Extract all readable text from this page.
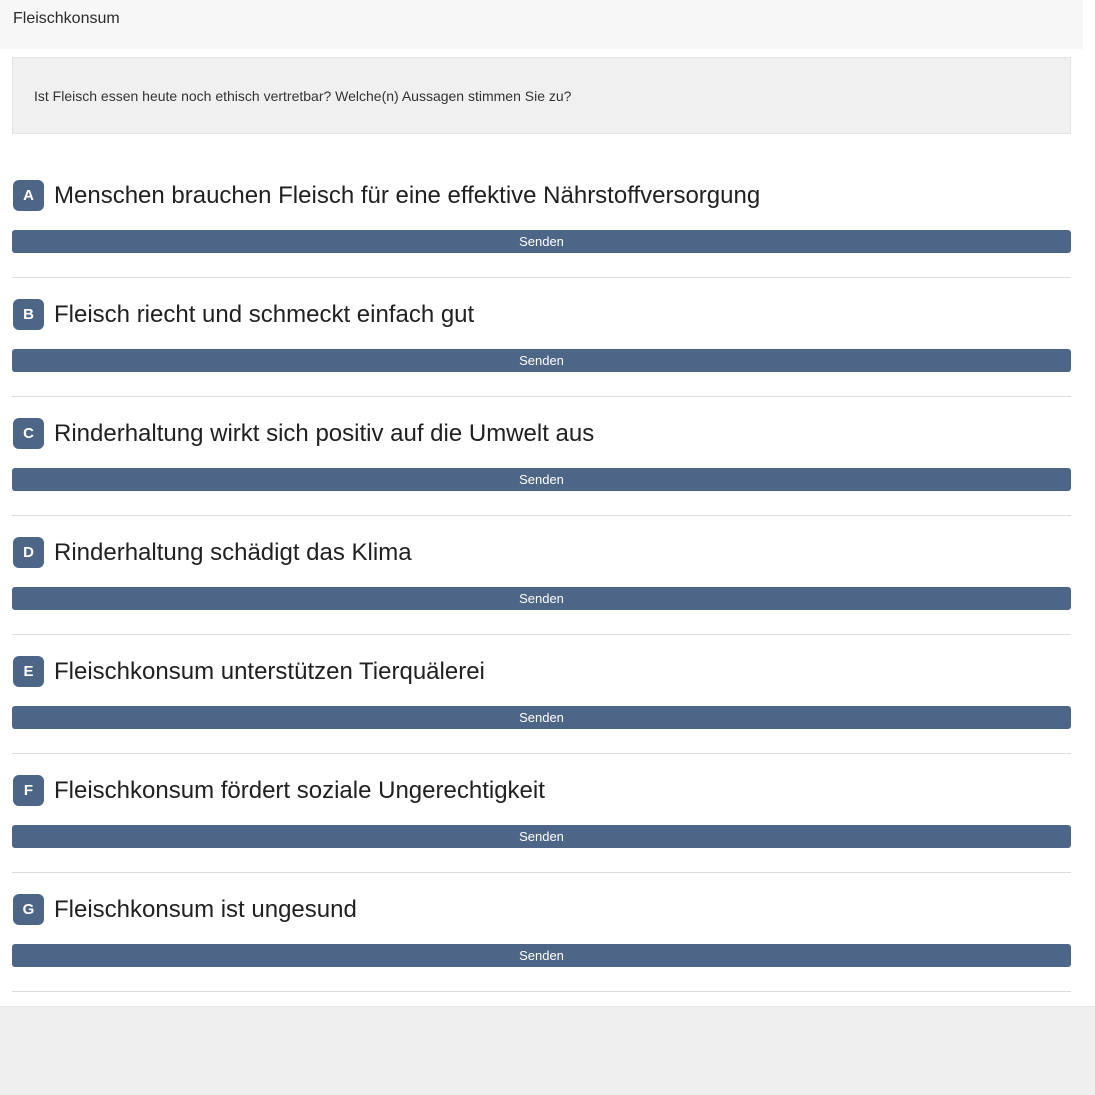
Fleischkonsum

Ist Fleisch essen heute noch ethisch vertretbar? Welche(n) Aussagen stimmen Sie zu?

A Menschen brauchen Fleisch für eine effektive Nährstoffversorgung
Senden
B Fleisch riecht und schmeckt einfach gut
Senden
C Rinderhaltung wirkt sich positiv auf die Umwelt aus
Senden
D Rinderhaltung schädigt das Klima
Senden
E Fleischkonsum unterstützen Tierquälerei
Senden
F Fleischkonsum fördert soziale Ungerechtigkeit
Senden
G Fleischkonsum ist ungesund
Senden
